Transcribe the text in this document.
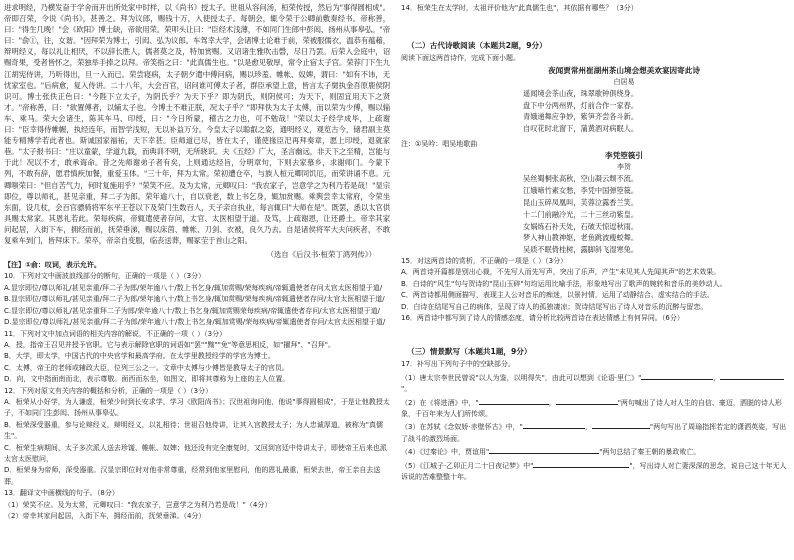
进求明经，乃横发奋于学舍而开出所处家中时样，以《尚书》授太子。世祖从容问汤，桓荣传授，然后为"事得圆相成"。帝即召荣，令说《尚书》，甚善之。拜为议郎，赐钱十万，入使授太子。每朝会，辄令荣于公卿前敷奏经书。帝称善，曰："得生几晚！"会《欧阳》博士缺，帝欲用荣。荣叩头让曰："臣经术浅薄，不如同门生郎中彭闳、扬州从事皋弘。"帝曰："俞①，往，女谐。"因拜荣为博士，引闳、弘为议郎。车驾幸大学，会诸博士论难于前，荣被服儒衣，温恭有蕴藉，辩明经义，每以礼让相厌，不以辞长胜人，儒者莫之及，特加赏赐。又诏诸生雅吹击磬，尽日乃罢。后荣入会庭中，诏赐奇果，受者皆怀之，荣独举手捧之以拜。帝笑指之曰："此真儒生也。"以是愈见敬厚，常令止宿太子宫。荣荐门下生九江胡宪侍讲，乃听得出，旦一入而已。荣尝寝病，太子朝夕遣中傅问病，赐以珍羞、帷帐、奴婢，谓曰："如有不讳，无忧家室也。"后病愈，复入侍讲。二十八年，大会百官，诏问谁可傅太子者，群臣承望上意，皆言太子舅执金吾原鹿侯阴识可。博士张佚正色曰："今陛下立太子，为阴氏乎？为天下乎？即为阴氏，则阴侯可；为天下，则固宜用天下之贤才。"帝称善，曰："欲置傅者，以辅太子也。今博士不难正朕，况太子乎？"即拜佚为太子太傅，而以荣为少傅，赐以辎车、乘马。荣大会诸生，陈其车马、印绶，曰："今日所蒙，稽古之力也，可不勉哉！"荣以太子经学成毕，上疏谢曰："臣幸得侍帷幄，执经连年，而智学浅短，无以补益万分。今皇太子以聪叡之姿，通明经义，观览古今，储君副主莫能专精博学若此者也。斯诚国家福祐，天下幸甚。臣师道已尽，皆在太子，谨使掾臣汜再拜奏章，愿上印绶，退就家巷。"太子报书曰："庄以童蒙，学道九载，而典训不明，无所晓识。夫《五经》广大，圣言幽远，非天下之至精，岂能与于此！况以不才，敢承诲命。昔之先师谢弟子者有矣，上则通达经旨，分明章句，下则去家慕乡，求谢师门。今蒙下列，不敢有辞，愿君慎疾加餐，重爱玉体。"三十年，拜为太常。荣初遭仓卒，与族人桓元卿同饥厄，而荣讲诵不息。元卿嗤荣曰："但自苦气力，何时复施用乎？"荣笑不应。及为太常，元卿叹曰："我农家子，岂意学之为利乃若是哉！"显宗即位，尊以师礼，甚见亲重，拜二子为郎。荣年逾八十，自以衰老，数上书乞身，辄加赏赐。乘舆尝幸太常府，令荣坐东面，设几杖，会百官骠骑将军东平王苍以下及荣门生数百人，天子亲自执业，每言辄曰"大师在是"。既罢，悉以太官供具赐太常家。其恩礼若此。荣每疾病，帝辄遣使者存问，太官、太医相望于道。及笃，上疏谢恩，让还爵土。帝幸其家问起居，入街下车，拥经而前，抚荣垂涕，赐以床茵、帷帐、刀剑、衣被，良久乃去。自是诸侯将军大夫问疾者，不敢复乘车到门，皆拜床下。荣卒，帝亲自变服，临丧送葬，赐冢茔于首山之阳。

（选自《后汉书·桓荣丁鸿列传》）

【注】①俞：叹词，表示允许。

10．下列对文中画波浪线部分的断句，正确的一项是（ ）（3分）

A.显宗即位/尊以师礼/甚见亲重/拜二子为郎/荣年逾八十/数上书乞身/辄加赏赐/荣每疾病/帝辄遣使者存问太官太医相望于道/

B.显宗即位/尊以师礼/甚见亲重/拜二子为郎/荣年逾八十/数上书乞身/辄加赏赐/荣每疾病/帝辄遣使者存问/太官太医相望于道/

C.显宗即位/尊以师礼/甚见亲重拜二子为郎/荣年逾八十/数上书乞身/辄加赏赐荣每疾病/帝辄遣使者存问/太官太医相望于道/

D.显宗即位/尊以师礼/甚见亲重/拜二子为郎/荣年逾八十/数上书乞身/辄加赏赐/荣每疾病/帝辄遣使者存问/太官太医相望于道/

11．下列对文中加点词语的相关内容的解说，不正确的一项（ ）（3分）

A．授，指帝王召见并授予官职。它与表示解除官职的词语如"罢""黜""免"等意思相反，如"擢拜"、"召拜"。

B．大学，即太学，中国古代的中央官学和最高学府。在太学里教授经学的学官为博士。

C．太傅，帝王的老师或辅政大臣，位列三公之一。文章中太傅与少傅皆是教导太子的官员。

D．向，文中指面南而北，表示尊敬。面西而东坐，如图文，即将其尊称为上座的主人位置。

12．下列对原文有关内容的概括和分析，正确的一项是（ ）（3分）

A．桓荣从小好学，为人谦虚，桓荣少时到长安求学，学习《欧阳尚书》；汉世祖询问他，他说"事得圆相成"，于是让他教授太子，不如同门生彭闳、扬州从事皋弘。

B．桓荣深受器重，参与论辩经义，辩明经义，以礼相待；世祖召他侍讲，让其入宫教授太子；为人忠诚厚道，被称为"真儒生"。

C．桓荣生病期间，太子多次派人送去珍馐、帷帐、奴婢；他还没有完全康复时，又回到宫廷中侍讲太子，即使帝王后来也派太官太医慰问，

D．桓荣身为帝师，深受器重。汉显宗即位时对他非常尊重，经常到他家里慰问，他的恩礼最重，桓荣去世，帝王亲自去送葬。

13．翻译文中画横线的句子。（8分）

（1）荣笑不应。及为太常，元卿叹曰："我农家子，岂意学之为利乃若是哉！"（4分）

（2）帝幸其家问起居，入街下车，拥经而前，抚荣垂涕。（4分）

14．桓荣生在太学时，太祖评价他为"此真儒生也"，其依据有哪些？（3分）

（二）古代诗歌阅读（本题共2题，9分）

阅读下面这两首诗作，完成下面小题。

夜闻贾常州崔湖州茶山境会想美欢宴因寄此诗
白居易
遥闻境会茶山夜，珠翠歌钟俱绕身。
盘下中分两州界，灯前合作一家春。
青娥递舞应争妙，紫笋齐尝各斗新。
自叹花时北窗下，蒲黄酒对病眠人。

注：①吴吟：唱吴地歌曲

李凭箜篌引
李贺
吴丝蜀桐张高秋，空山凝云颓不流。
江娥啼竹素女愁，李凭中国弹箜篌。
昆山玉碎凤凰叫，芙蓉泣露香兰笑。
十二门前融冷光，二十三丝动紫皇。
女娲炼石补天处，石破天惊逗秋雨。
梦入神山教神妪，老鱼跳波瘦蛟舞。
吴质不眠倚桂树，露脚斜飞湿寒兔。

15．对这两首诗的赏析，不正确的一项是（ ）（3分）

A．两首诗开篇都是别出心裁，不先写人而先写声，突出了乐声，产生"未见其人先闻其声"的艺术效果。

B．白诗的"风生"句与贺诗的"昆山玉碎"句均运用比喻手法，形象地写出了歌声的婉转和音乐的美妙动人。

C．两首诗都用侧面描写，表现主人公对音乐的痴迷，以景衬情，运用了动静结合、虚实结合的手法。

D．白诗在结尾写自己的病体，呈现了诗人的孤独凄凉；贺诗结尾写出了诗人对音乐的沉醉与留恋。

16．两首诗中都写到了诗人的情感态度，请分析比较两首诗在表达情感上有何异同。（6分）

（三）情景默写（本题共1题，9分）

17．补写出下列句子中的空缺部分。

（1）唐太宗李世民曾说"以人为鉴，以明得失"，由此可以想到《论语·里仁》"	，"。

（2）在《将进酒》中，"	，	"两句喊出了诗人对人生的自信、豪迈，洒脱的诗人形象，千百年来为人们所传颂。

（3）在苏轼《念奴娇·赤壁怀古》中，"	，	"两句写出了周瑜指挥若定的潇洒英姿，写出了战斗的激烈场面。

（4）《过秦论》中，贾谊用"	"两句总结了秦王朝的暴政败亡。

（5）《江城子·乙卯正月二十日夜记梦》中"	"，写出诗人对亡妻深深的思念，说自己这十年无人诉说的苦难整整十年。
